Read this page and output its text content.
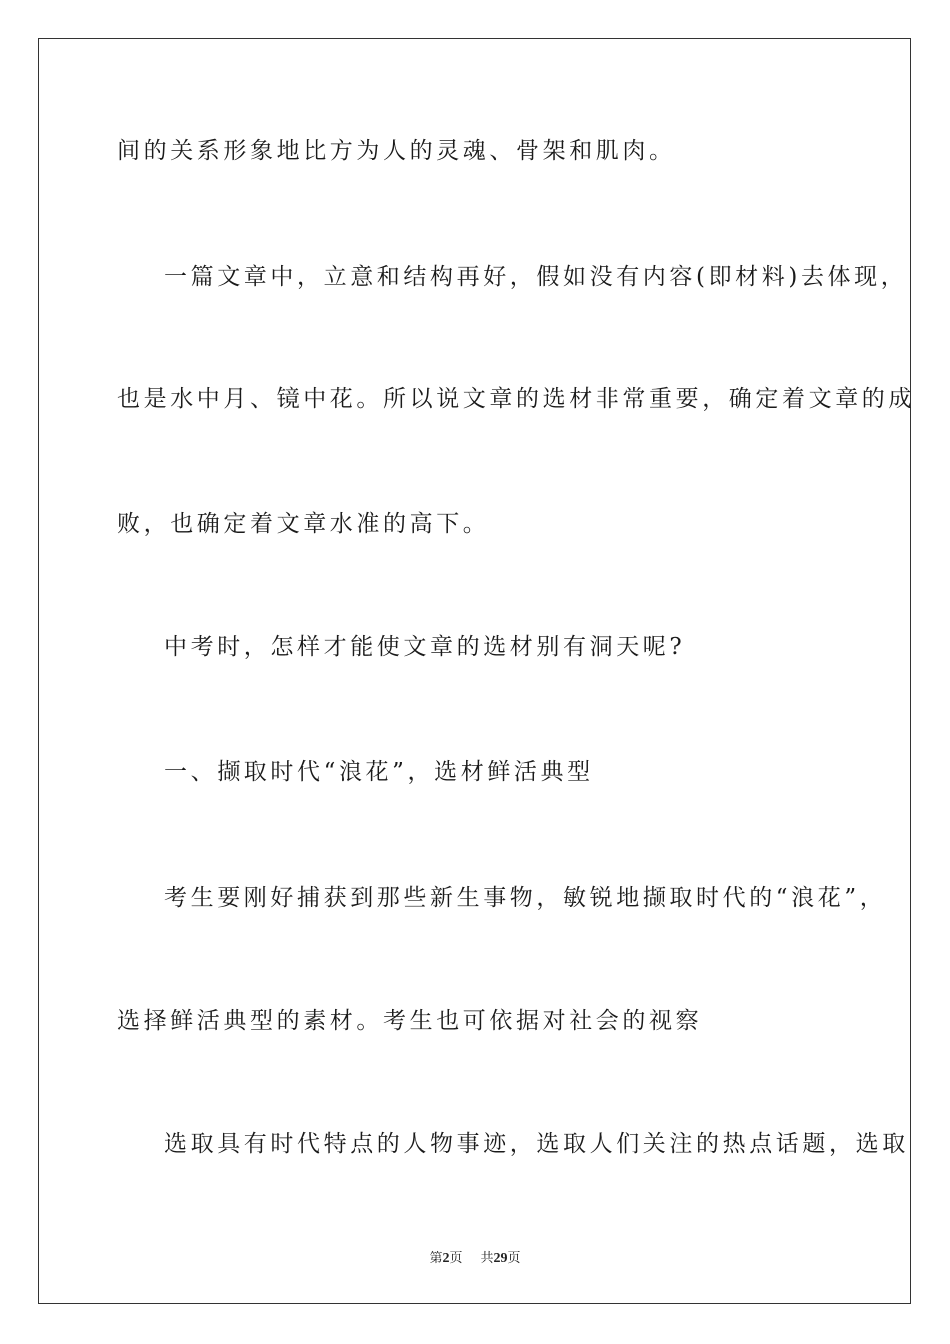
间的关系形象地比方为人的灵魂、骨架和肌肉。
一篇文章中，立意和结构再好，假如没有内容(即材料)去体现，
也是水中月、镜中花。所以说文章的选材非常重要，确定着文章的成
败，也确定着文章水准的高下。
中考时，怎样才能使文章的选材别有洞天呢?
一、撷取时代“浪花”，选材鲜活典型
考生要刚好捕获到那些新生事物，敏锐地撷取时代的“浪花”，
选择鲜活典型的素材。考生也可依据对社会的视察
选取具有时代特点的人物事迹，选取人们关注的热点话题，选取
第2页 共29页
